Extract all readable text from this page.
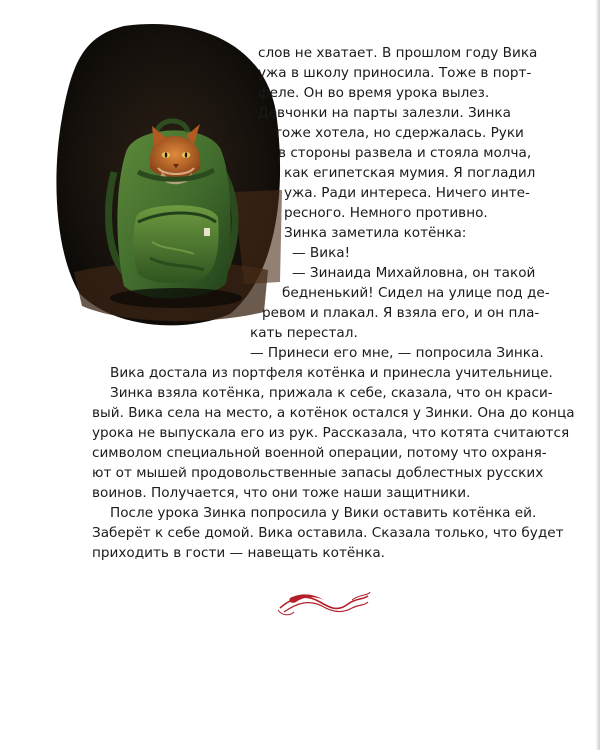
слов не хватает. В прошлом году Вика
ужа в школу приносила. Тоже в порт-
феле. Он во время урока вылез.
Девчонки на парты залезли. Зинка
тоже хотела, но сдержалась. Руки
в стороны развела и стояла молча,
как египетская мумия. Я погладил
ужа. Ради интереса. Ничего инте-
ресного. Немного противно.
Зинка заметила котёнка:
— Вика!
— Зинаида Михайловна, он такой
бедненький! Сидел на улице под де-
ревом и плакал. Я взяла его, и он пла-
кать перестал.
— Принеси его мне, — попросила Зинка.
Вика достала из портфеля котёнка и принесла учительнице.
Зинка взяла котёнка, прижала к себе, сказала, что он краси-
вый. Вика села на место, а котёнок остался у Зинки. Она до конца
урока не выпускала его из рук. Рассказала, что котята считаются
символом специальной военной операции, потому что охраня-
ют от мышей продовольственные запасы доблестных русских
воинов. Получается, что они тоже наши защитники.
После урока Зинка попросила у Вики оставить котёнка ей.
Заберёт к себе домой. Вика оставила. Сказала только, что будет
приходить в гости — навещать котёнка.
